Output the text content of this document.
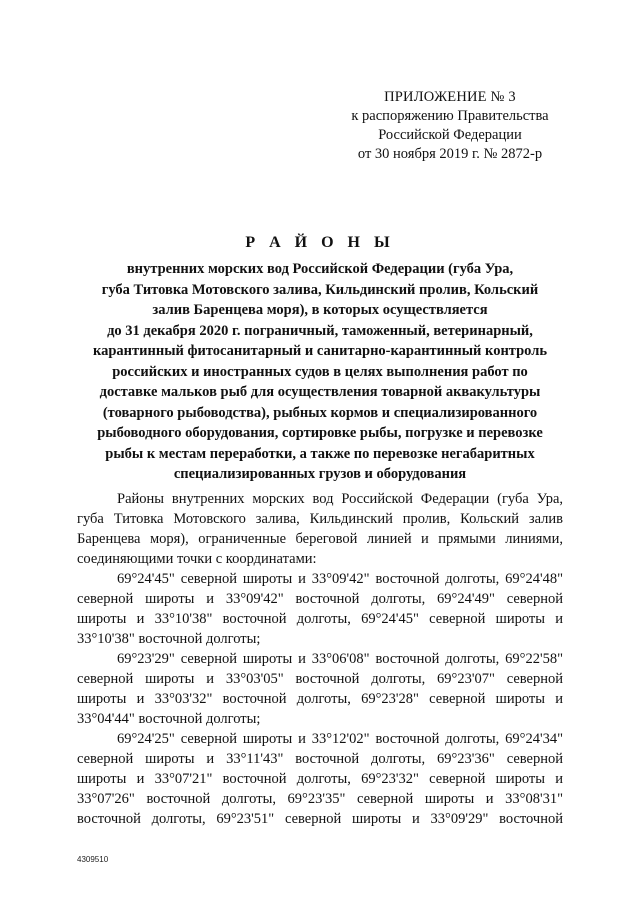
ПРИЛОЖЕНИЕ № 3
к распоряжению Правительства
Российской Федерации
от 30 ноября 2019 г. № 2872-р
Р А Й О Н Ы
внутренних морских вод Российской Федерации (губа Ура,
губа Титовка Мотовского залива, Кильдинский пролив, Кольский
залив Баренцева моря), в которых осуществляется
до 31 декабря 2020 г. пограничный, таможенный, ветеринарный,
карантинный фитосанитарный и санитарно-карантинный контроль
российских и иностранных судов в целях выполнения работ по
доставке мальков рыб для осуществления товарной аквакультуры
(товарного рыбоводства), рыбных кормов и специализированного
рыбоводного оборудования, сортировке рыбы, погрузке и перевозке
рыбы к местам переработки, а также по перевозке негабаритных
специализированных грузов и оборудования
Районы внутренних морских вод Российской Федерации (губа Ура,
губа Титовка Мотовского залива, Кильдинский пролив, Кольский залив
Баренцева моря), ограниченные береговой линией и прямыми линиями,
соединяющими точки с координатами:
69°24'45" северной широты и 33°09'42" восточной долготы, 69°24'48"
северной широты и 33°09'42" восточной долготы, 69°24'49" северной
широты и 33°10'38" восточной долготы, 69°24'45" северной широты и
33°10'38" восточной долготы;
69°23'29" северной широты и 33°06'08" восточной долготы, 69°22'58"
северной широты и 33°03'05" восточной долготы, 69°23'07" северной
широты и 33°03'32" восточной долготы, 69°23'28" северной широты и
33°04'44" восточной долготы;
69°24'25" северной широты и 33°12'02" восточной долготы, 69°24'34"
северной широты и 33°11'43" восточной долготы, 69°23'36" северной
широты и 33°07'21" восточной долготы, 69°23'32" северной широты и
33°07'26" восточной долготы, 69°23'35" северной широты и 33°08'31"
восточной долготы, 69°23'51" северной широты и 33°09'29" восточной
4309510
